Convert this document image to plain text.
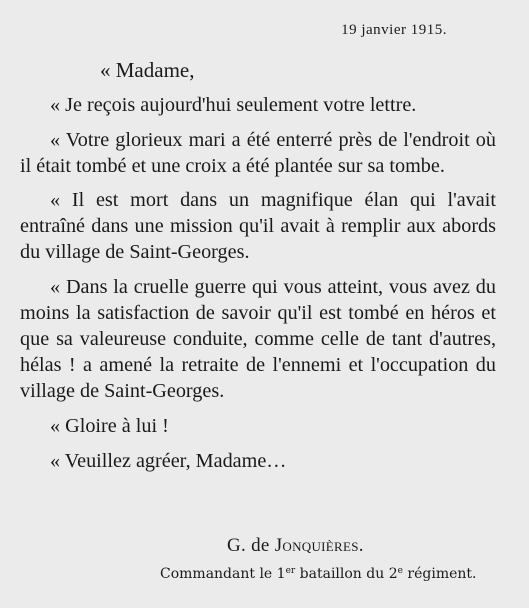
19 janvier 1915.
« Madame,

« Je reçois aujourd'hui seulement votre lettre.

« Votre glorieux mari a été enterré près de l'endroit où il était tombé et une croix a été plantée sur sa tombe.

« Il est mort dans un magnifique élan qui l'avait entraîné dans une mission qu'il avait à remplir aux abords du village de Saint-Georges.

« Dans la cruelle guerre qui vous atteint, vous avez du moins la satisfaction de savoir qu'il est tombé en héros et que sa valeureuse conduite, comme celle de tant d'autres, hélas ! a amené la retraite de l'ennemi et l'occupation du village de Saint-Georges.

« Gloire à lui !

« Veuillez agréer, Madame…

G. de Jonquières.
Commandant le 1er bataillon du 2e régiment.
